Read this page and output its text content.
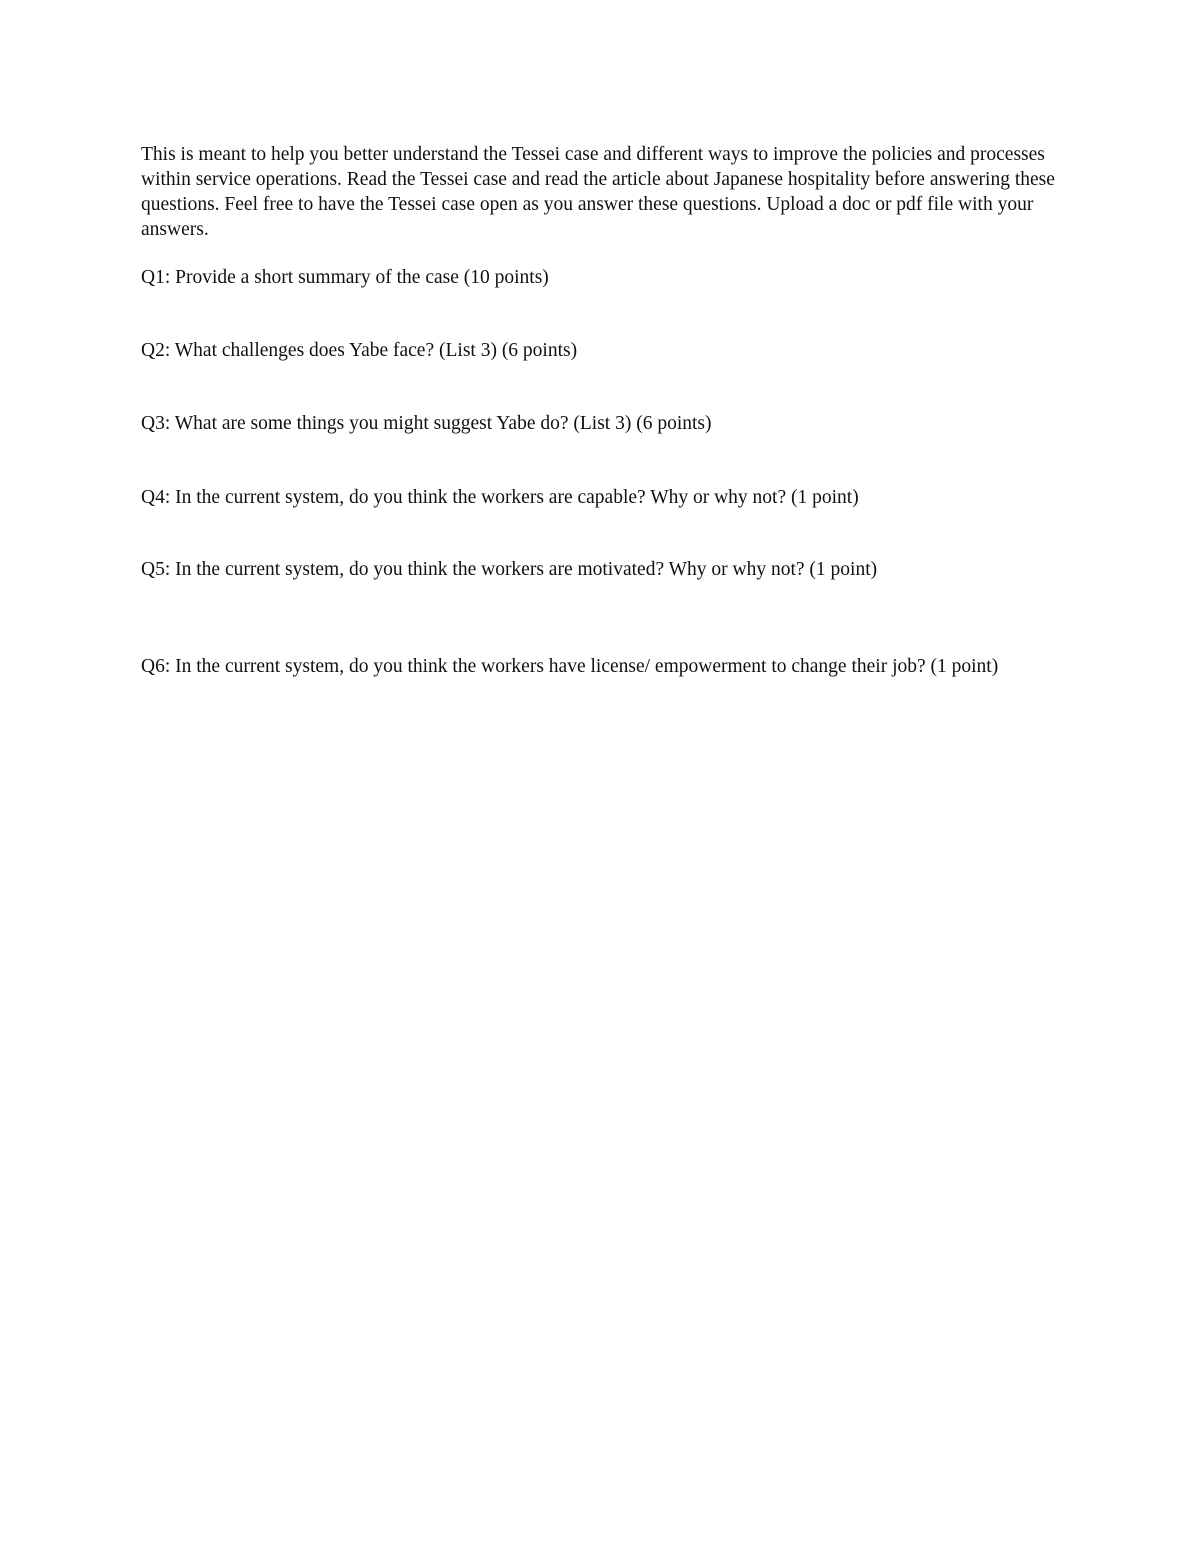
This is meant to help you better understand the Tessei case and different ways to improve the policies and processes within service operations. Read the Tessei case and read the article about Japanese hospitality before answering these questions. Feel free to have the Tessei case open as you answer these questions. Upload a doc or pdf file with your answers.

Q1: Provide a short summary of the case (10 points)

Q2: What challenges does Yabe face? (List 3) (6 points)

Q3: What are some things you might suggest Yabe do? (List 3) (6 points)

Q4: In the current system, do you think the workers are capable? Why or why not? (1 point)

Q5: In the current system, do you think the workers are motivated? Why or why not? (1 point)

Q6: In the current system, do you think the workers have license/ empowerment to change their job? (1 point)
